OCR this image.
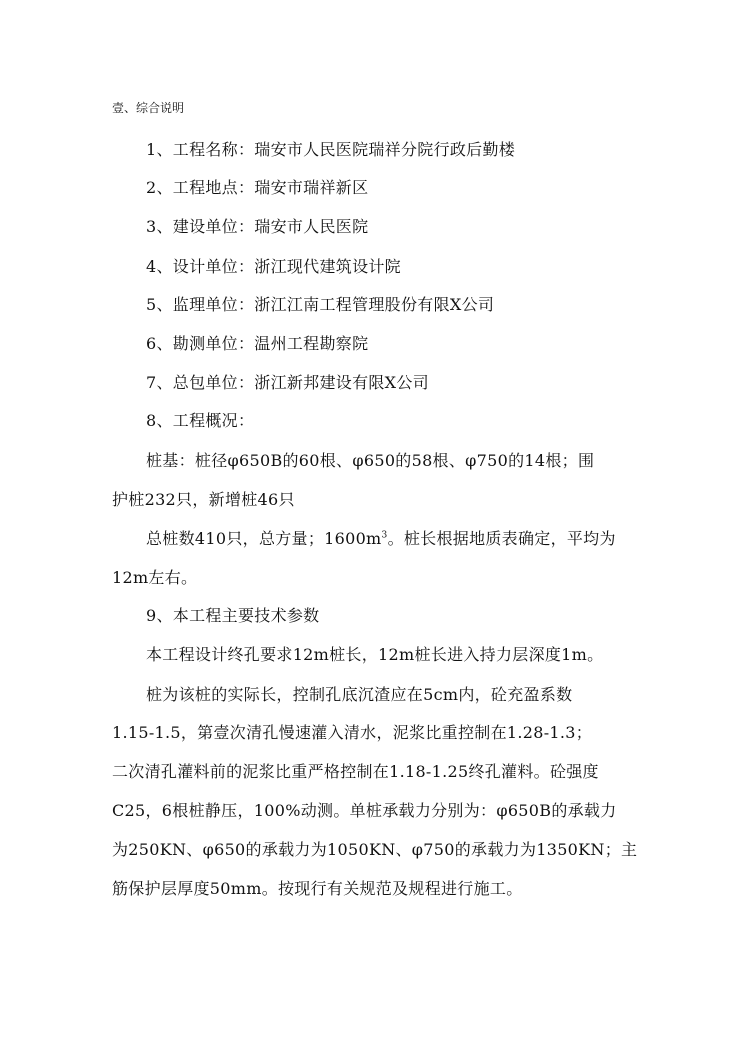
壹、综合说明
1、工程名称：瑞安市人民医院瑞祥分院行政后勤楼
2、工程地点：瑞安市瑞祥新区
3、建设单位：瑞安市人民医院
4、设计单位：浙江现代建筑设计院
5、监理单位：浙江江南工程管理股份有限X公司
6、勘测单位：温州工程勘察院
7、总包单位：浙江新邦建设有限X公司
8、工程概况：
桩基：桩径φ650B的60根、φ650的58根、φ750的14根；围
护桩232只，新增桩46只
总桩数410只，总方量；$1600m^3$。桩长根据地质表确定，平均为
12m左右。
9、本工程主要技术参数
本工程设计终孔要求12m桩长，12m桩长进入持力层深度1m。
桩为该桩的实际长，控制孔底沉渣应在5cm内，砼充盈系数
1.15-1.5，第壹次清孔慢速灌入清水，泥浆比重控制在1.28-1.3；
二次清孔灌料前的泥浆比重严格控制在1.18-1.25终孔灌料。砼强度
C25，6根桩静压，100%动测。单桩承载力分别为：φ650B的承载力
为250KN、φ650的承载力为1050KN、φ750的承载力为1350KN；主
筋保护层厚度50mm。按现行有关规范及规程进行施工。
